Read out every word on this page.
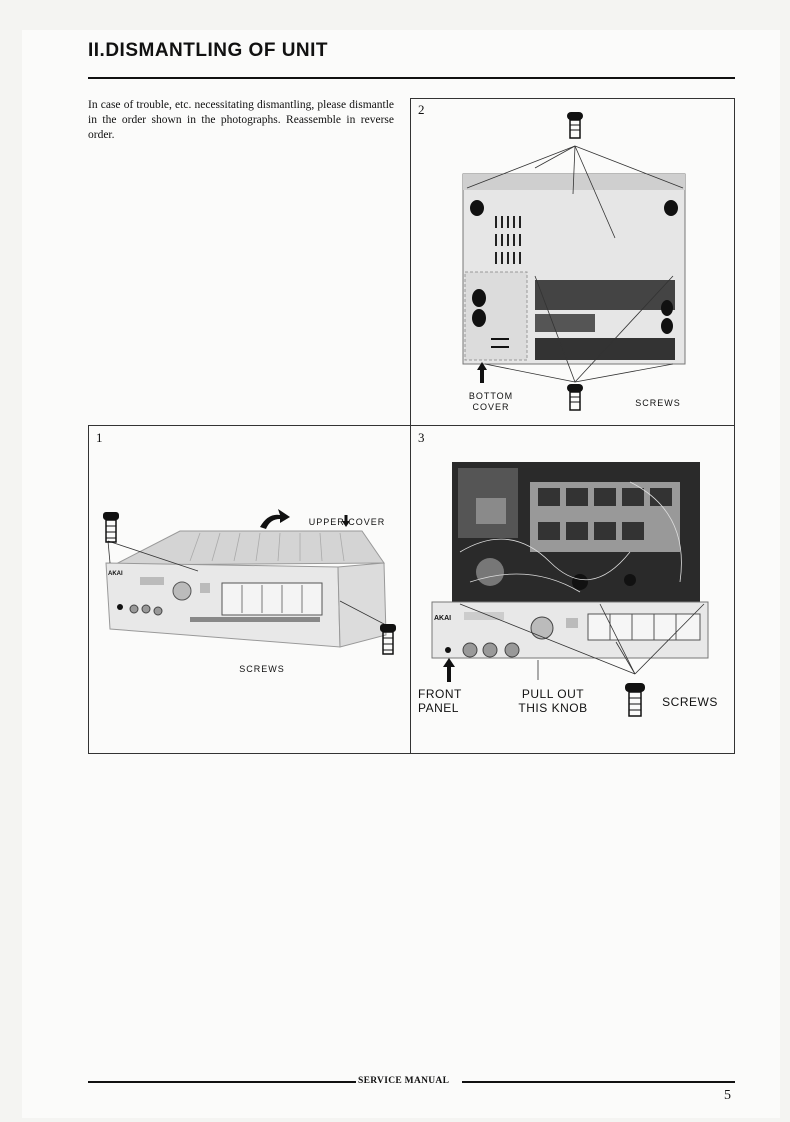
II.DISMANTLING OF UNIT
In case of trouble, etc. necessitating dismantling, please dismantle in the order shown in the photographs. Reassemble in reverse order.
2
BOTTOM
COVER	SCREWS
1
AKAI
UPPER COVER
SCREWS
3
AKAI
FRONT
PANEL
PULL OUT
THIS KNOB	SCREWS
SERVICE MANUAL
5
